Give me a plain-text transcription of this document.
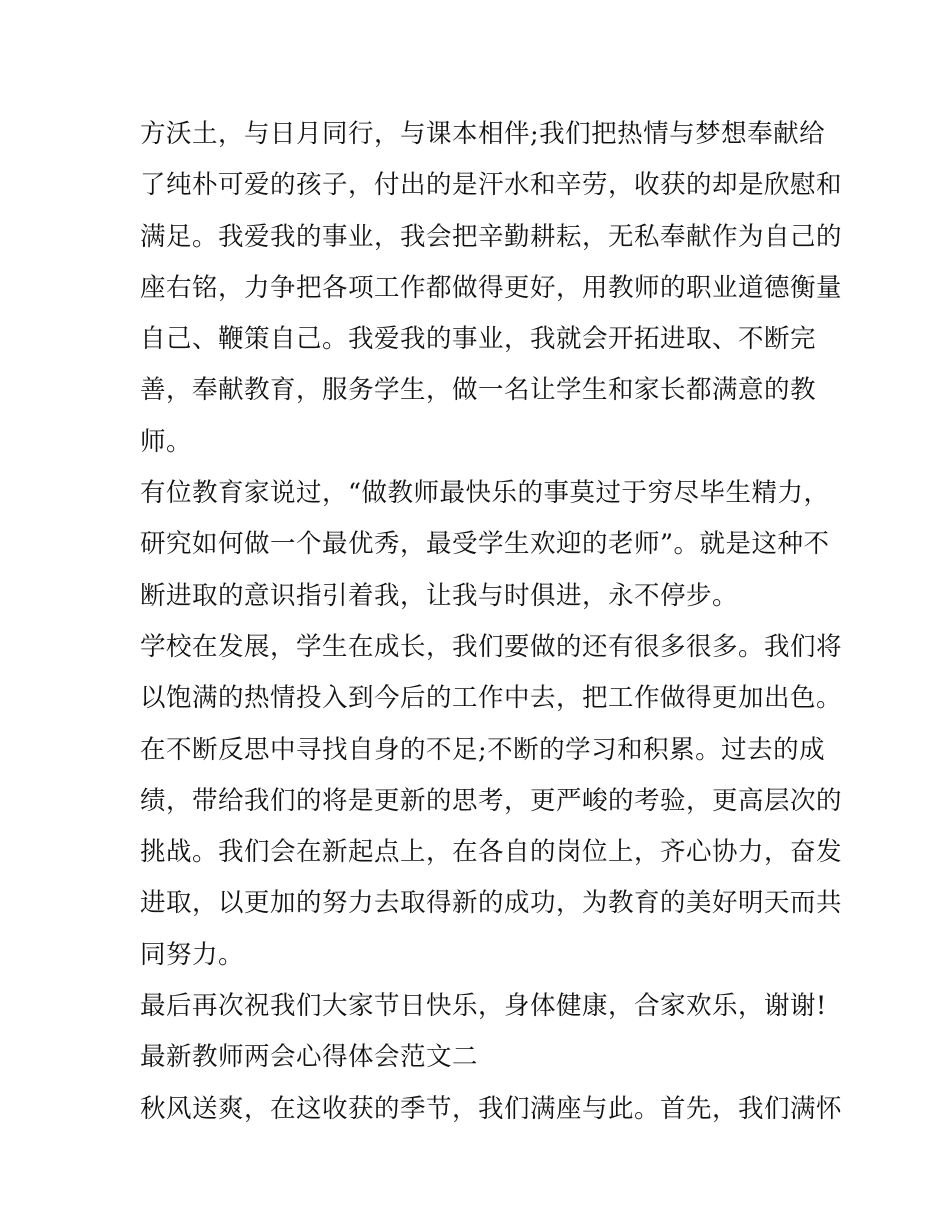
方沃土，与日月同行，与课本相伴;我们把热情与梦想奉献给
了纯朴可爱的孩子，付出的是汗水和辛劳，收获的却是欣慰和
满足。我爱我的事业，我会把辛勤耕耘，无私奉献作为自己的
座右铭，力争把各项工作都做得更好，用教师的职业道德衡量
自己、鞭策自己。我爱我的事业，我就会开拓进取、不断完
善，奉献教育，服务学生，做一名让学生和家长都满意的教
师。
有位教育家说过，“做教师最快乐的事莫过于穷尽毕生精力，
研究如何做一个最优秀，最受学生欢迎的老师”。就是这种不
断进取的意识指引着我，让我与时俱进，永不停步。
学校在发展，学生在成长，我们要做的还有很多很多。我们将
以饱满的热情投入到今后的工作中去，把工作做得更加出色。
在不断反思中寻找自身的不足;不断的学习和积累。过去的成
绩，带给我们的将是更新的思考，更严峻的考验，更高层次的
挑战。我们会在新起点上，在各自的岗位上，齐心协力，奋发
进取，以更加的努力去取得新的成功，为教育的美好明天而共
同努力。
最后再次祝我们大家节日快乐，身体健康，合家欢乐，谢谢!
最新教师两会心得体会范文二
秋风送爽，在这收获的季节，我们满座与此。首先，我们满怀
